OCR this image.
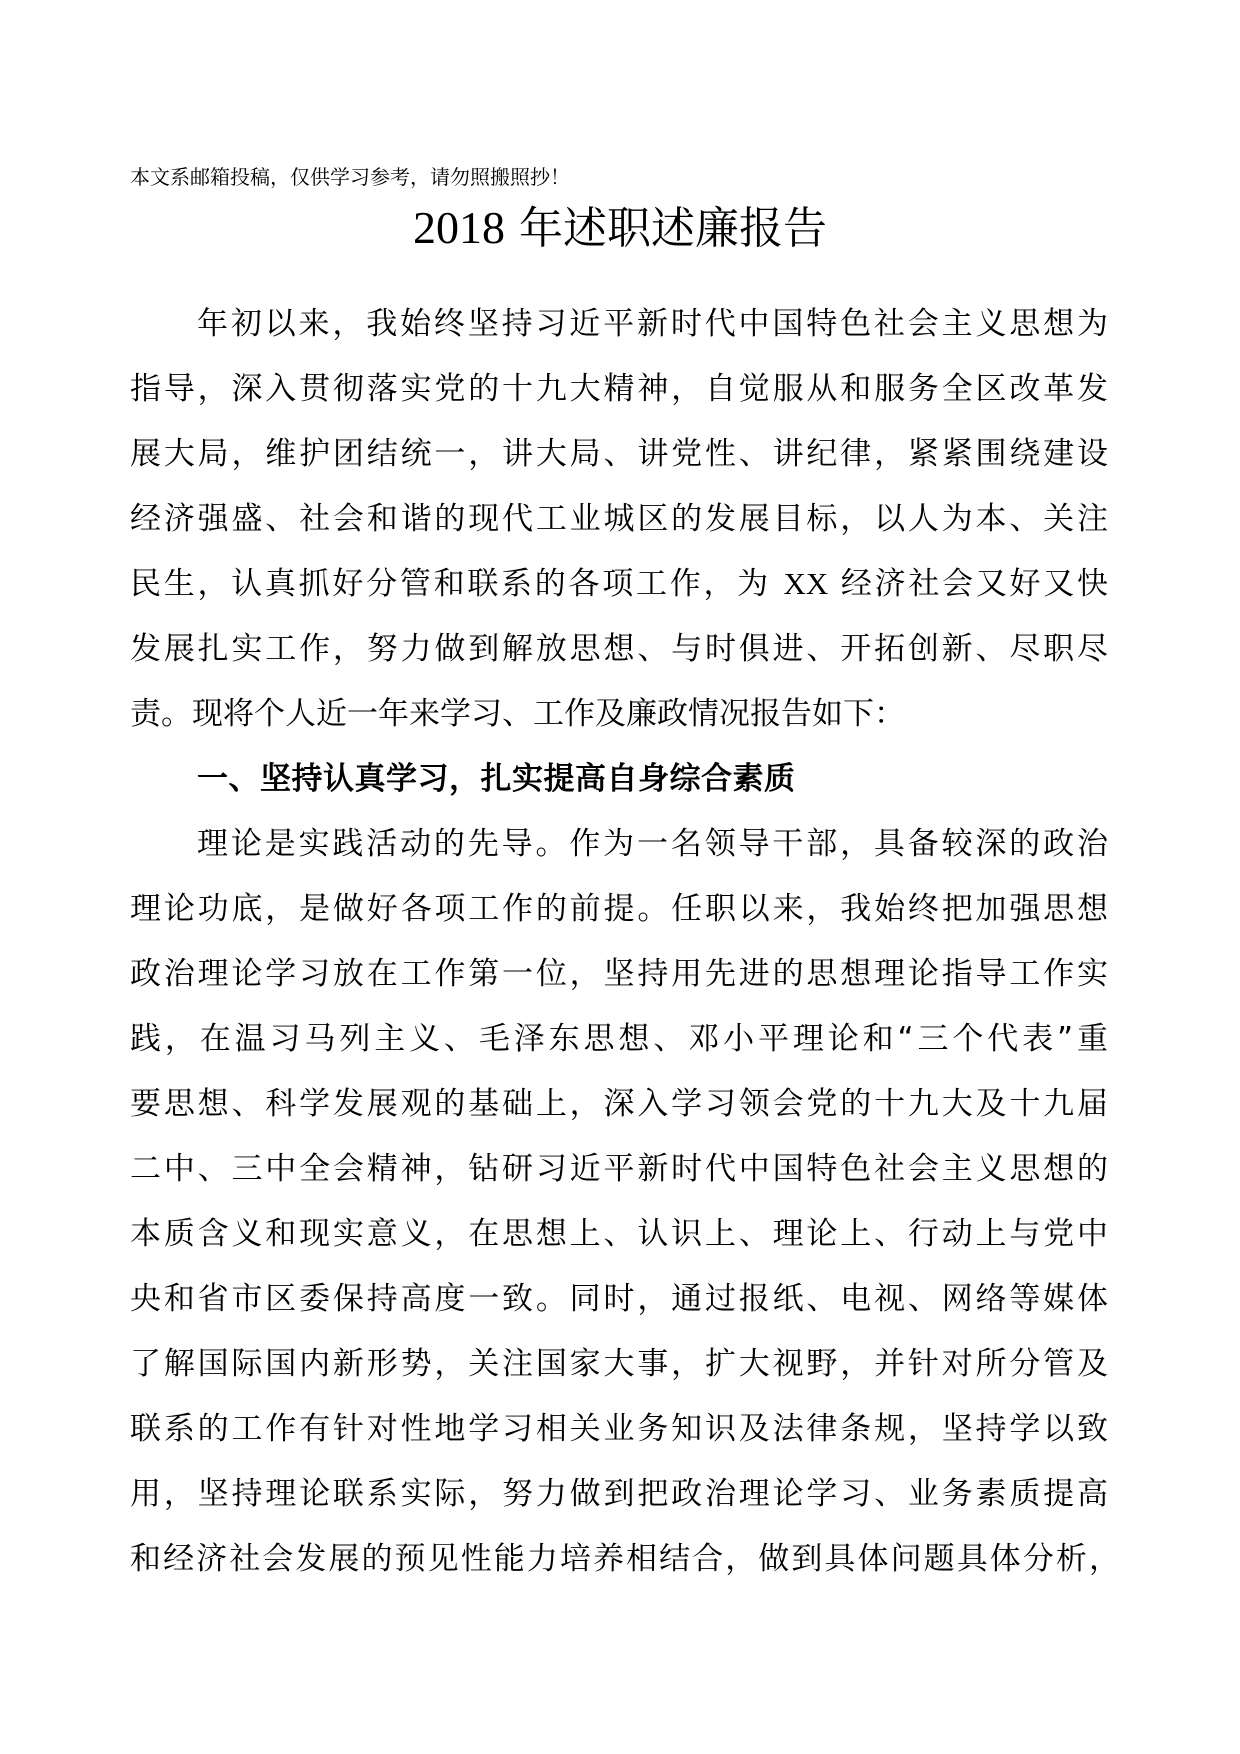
本文系邮箱投稿，仅供学习参考，请勿照搬照抄！
2018 年述职述廉报告
年初以来，我始终坚持习近平新时代中国特色社会主义思想为
指导，深入贯彻落实党的十九大精神，自觉服从和服务全区改革发
展大局，维护团结统一，讲大局、讲党性、讲纪律，紧紧围绕建设
经济强盛、社会和谐的现代工业城区的发展目标，以人为本、关注
民生，认真抓好分管和联系的各项工作，为 XX 经济社会又好又快
发展扎实工作，努力做到解放思想、与时俱进、开拓创新、尽职尽
责。现将个人近一年来学习、工作及廉政情况报告如下：
一、坚持认真学习，扎实提高自身综合素质
理论是实践活动的先导。作为一名领导干部，具备较深的政治
理论功底，是做好各项工作的前提。任职以来，我始终把加强思想
政治理论学习放在工作第一位，坚持用先进的思想理论指导工作实
践，在温习马列主义、毛泽东思想、邓小平理论和“三个代表”重
要思想、科学发展观的基础上，深入学习领会党的十九大及十九届
二中、三中全会精神，钻研习近平新时代中国特色社会主义思想的
本质含义和现实意义，在思想上、认识上、理论上、行动上与党中
央和省市区委保持高度一致。同时，通过报纸、电视、网络等媒体
了解国际国内新形势，关注国家大事，扩大视野，并针对所分管及
联系的工作有针对性地学习相关业务知识及法律条规，坚持学以致
用，坚持理论联系实际，努力做到把政治理论学习、业务素质提高
和经济社会发展的预见性能力培养相结合，做到具体问题具体分析，
